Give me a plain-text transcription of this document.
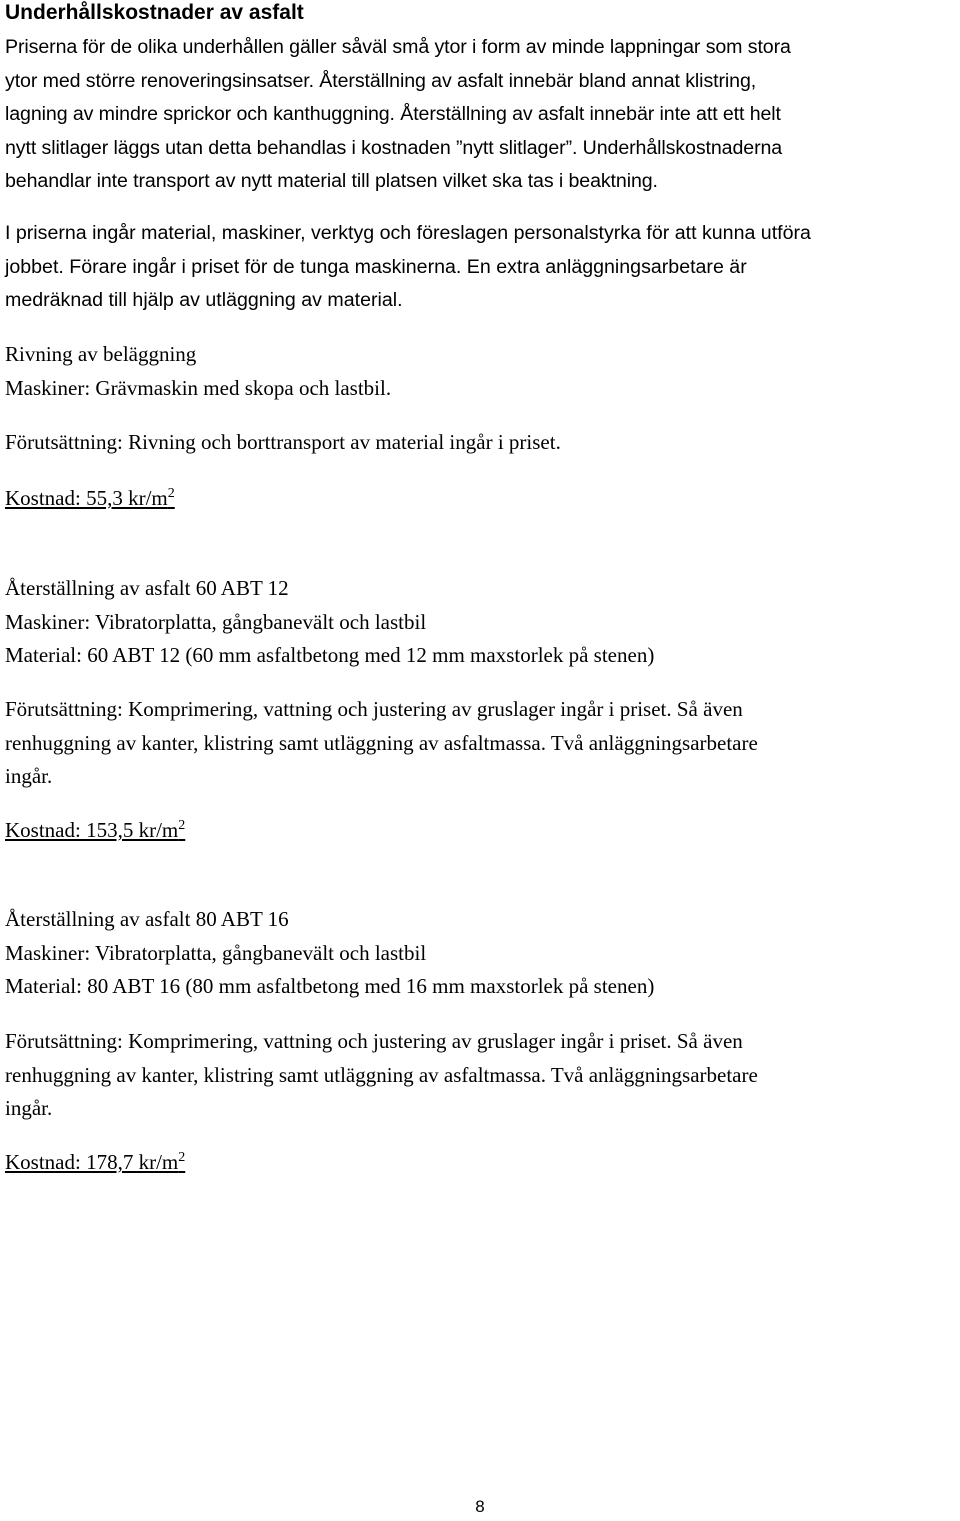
Underhållskostnader av asfalt
Priserna för de olika underhållen gäller såväl små ytor i form av minde lappningar som stora
ytor med större renoveringsinsatser. Återställning av asfalt innebär bland annat klistring,
lagning av mindre sprickor och kanthuggning. Återställning av asfalt innebär inte att ett helt
nytt slitlager läggs utan detta behandlas i kostnaden ”nytt slitlager”. Underhållskostnaderna
behandlar inte transport av nytt material till platsen vilket ska tas i beaktning.
I priserna ingår material, maskiner, verktyg och föreslagen personalstyrka för att kunna utföra
jobbet. Förare ingår i priset för de tunga maskinerna. En extra anläggningsarbetare är
medräknad till hjälp av utläggning av material.
Rivning av beläggning
Maskiner: Grävmaskin med skopa och lastbil.
Förutsättning: Rivning och borttransport av material ingår i priset.
Kostnad: 55,3 $kr/m^2$
Återställning av asfalt 60 ABT 12
Maskiner: Vibratorplatta, gångbanevält och lastbil
Material: 60 ABT 12 (60 mm asfaltbetong med 12 mm maxstorlek på stenen)
Förutsättning: Komprimering, vattning och justering av gruslager ingår i priset. Så även
renhuggning av kanter, klistring samt utläggning av asfaltmassa. Två anläggningsarbetare
ingår.
Kostnad: 153,5 $kr/m^2$
Återställning av asfalt 80 ABT 16
Maskiner: Vibratorplatta, gångbanevält och lastbil
Material: 80 ABT 16 (80 mm asfaltbetong med 16 mm maxstorlek på stenen)
Förutsättning: Komprimering, vattning och justering av gruslager ingår i priset. Så även
renhuggning av kanter, klistring samt utläggning av asfaltmassa. Två anläggningsarbetare
ingår.
Kostnad: 178,7 $kr/m^2$
8
